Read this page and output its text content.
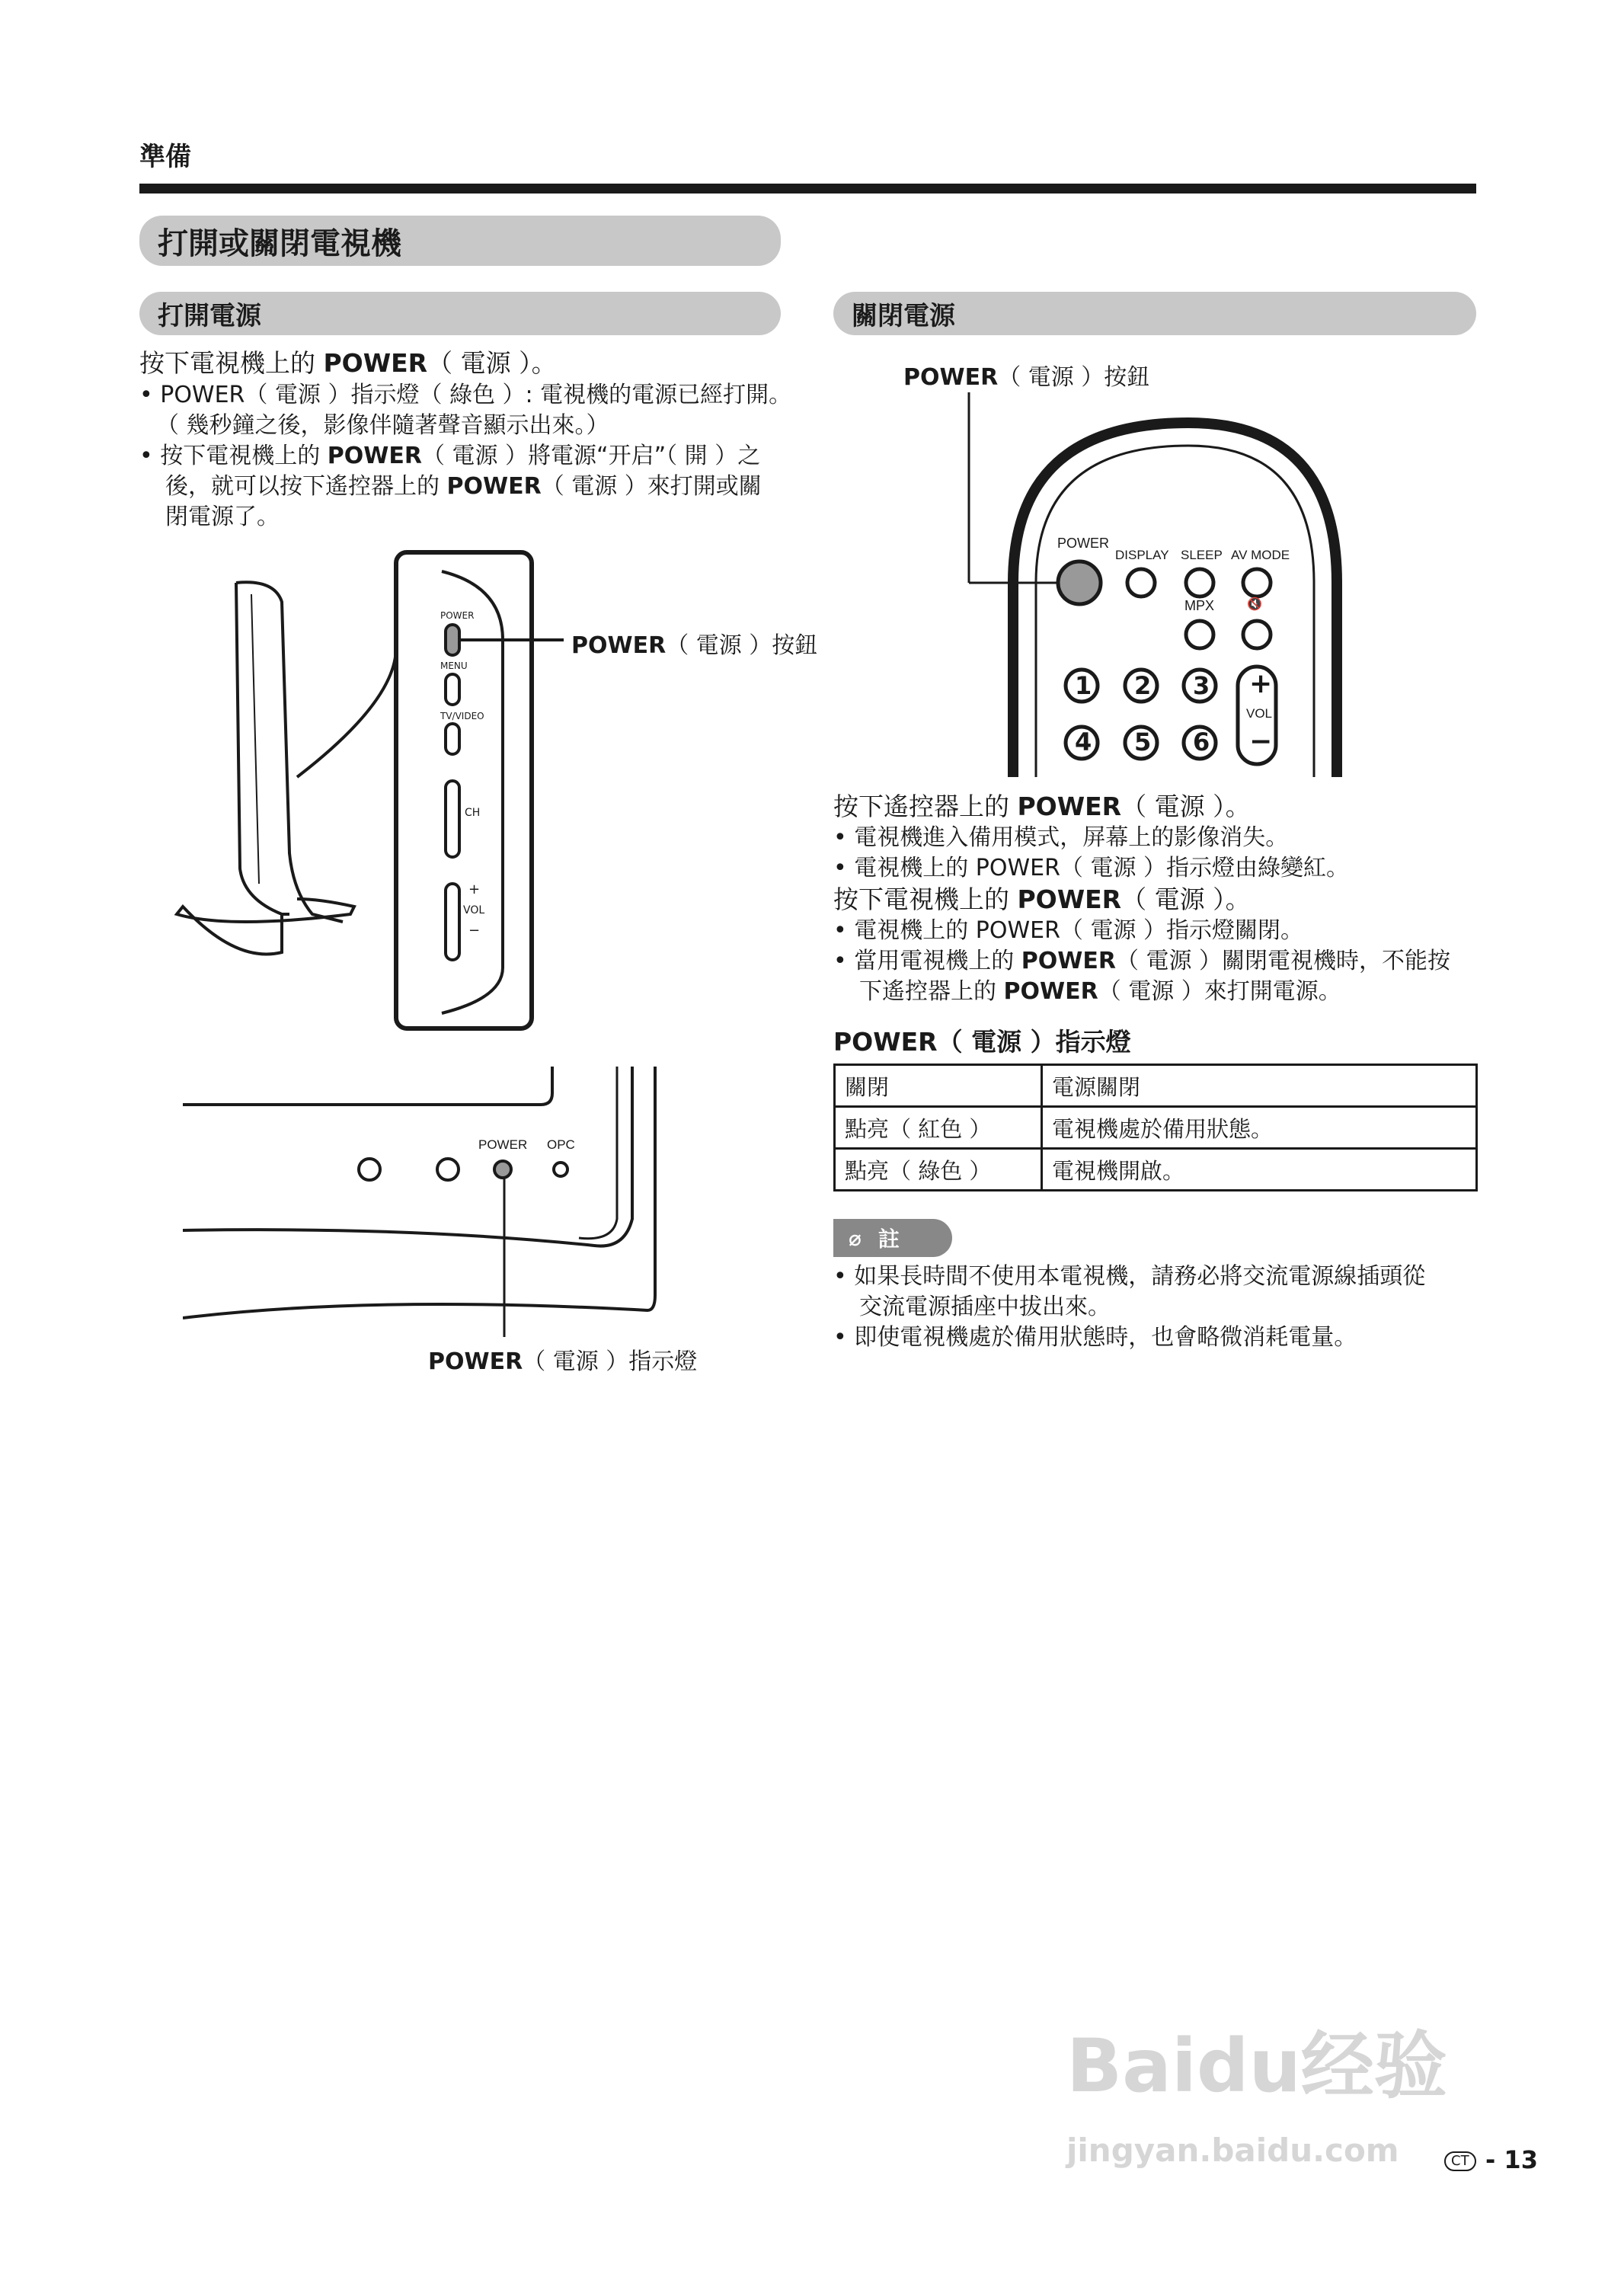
準備
打開或關閉電視機
打開電源
按下電視機上的 POWER（ 電源 ）。
• POWER（ 電源 ）指示燈（ 綠色 ）: 電視機的電源已經打開。
（ 幾秒鐘之後，影像伴隨著聲音顯示出來。）
• 按下電視機上的 POWER（ 電源 ）將電源“开启”（ 開 ）之
後，就可以按下遙控器上的 POWER（ 電源 ）來打開或關
閉電源了。
POWER
MENU
TV/VIDEO
CH
+
VOL
−
POWER（ 電源 ）按鈕
POWER OPC
POWER（ 電源 ）指示燈
關閉電源
POWER（ 電源 ）按鈕
POWER
DISPLAY SLEEP AV MODE
MPX	🔇
1 2 3
4 5 6
+
VOL
−
按下遙控器上的 POWER（ 電源 ）。
• 電視機進入備用模式，屏幕上的影像消失。
• 電視機上的 POWER（ 電源 ）指示燈由綠變紅。
按下電視機上的 POWER（ 電源 ）。
• 電視機上的 POWER（ 電源 ）指示燈關閉。
• 當用電視機上的 POWER（ 電源 ）關閉電視機時，不能按
下遙控器上的 POWER（ 電源 ）來打開電源。
POWER（ 電源 ）指示燈
關閉	電源關閉
點亮（ 紅色 ）	電視機處於備用狀態。
點亮（ 綠色 ）	電視機開啟。
⌀ 註
• 如果長時間不使用本電視機，請務必將交流電源線插頭從
交流電源插座中拔出來。
• 即使電視機處於備用狀態時，也會略微消耗電量。
Baidu经验
jingyan.baidu.com	CT - 13
